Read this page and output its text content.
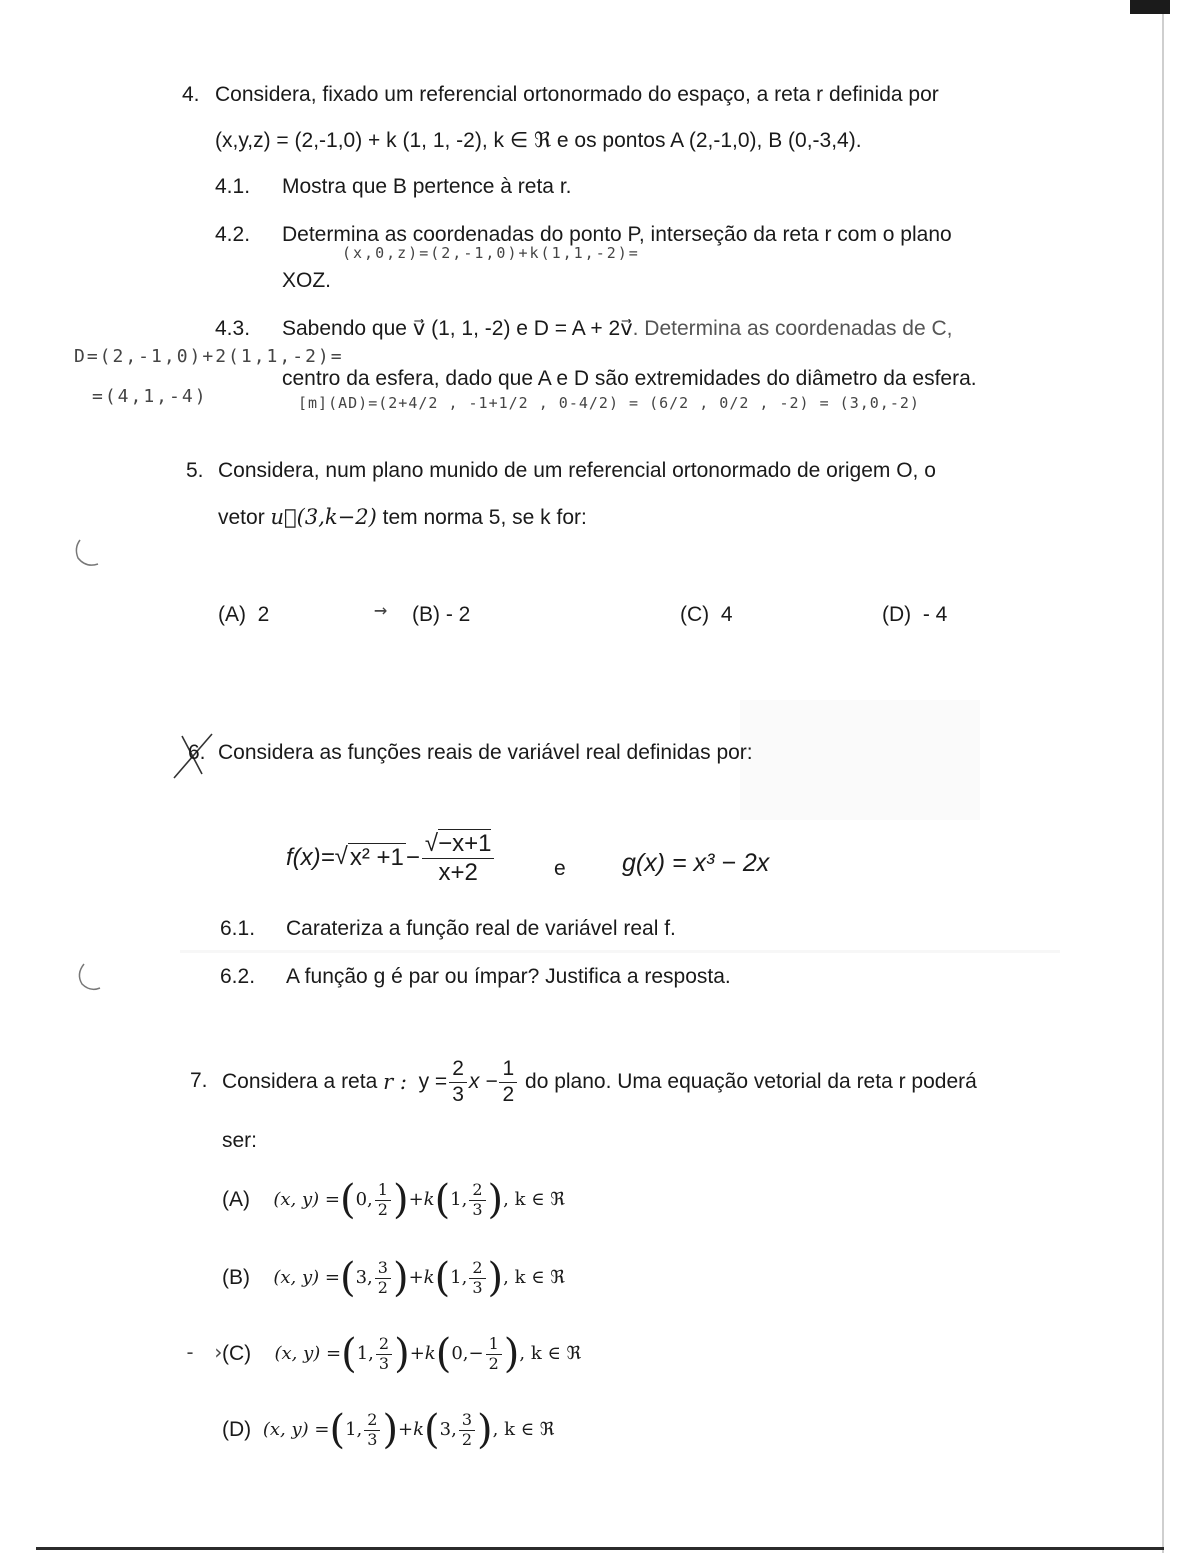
4. Considera, fixado um referencial ortonormado do espaço, a reta r definida por
(x,y,z) = (2,-1,0) + k (1, 1, -2), k ∈ ℜ e os pontos A (2,-1,0), B (0,-3,4).
4.1. Mostra que B pertence à reta r.
4.2. Determina as coordenadas do ponto P, interseção da reta r com o plano
(x,0,z)=(2,-1,0)+k(1,1,-2)=
XOZ.
4.3. Sabendo que v⃗ (1, 1, -2) e D = A + 2v⃗. Determina as coordenadas de C,
D=(2,-1,0)+2(1,1,-2)=
centro da esfera, dado que A e D são extremidades do diâmetro da esfera.
=(4,1,-4)	[m](AD)=(2+4/2 , -1+1/2 , 0-4/2) = (6/2 , 0/2 , -2) = (3,0,-2)
5. Considera, num plano munido de um referencial ortonormado de origem O, o
vetor u⃗(3,k−2) tem norma 5, se k for:
(A) 2	→ (B) - 2	(C) 4	(D) - 4
6. Considera as funções reais de variável real definidas por:
f(x)= √ $x^2 +1 - \frac{√-x+1}{x+2}$	e g(x) = x³ − 2x
6.1. Carateriza a função real de variável real f.
6.2. A função g é par ou ímpar? Justifica a resposta.
7. Considera a reta
r :
$y = \frac{2}{3}$ $x - \frac{1}{2}$
do plano. Uma equação vetorial da reta r poderá
ser:
(A)
(x, y) = ( 0, $\frac{1}{2}$ ) +k ( 1, $\frac{2}{3}$ ) , k ∈ ℜ
(B)
(x, y) = ( 3, $\frac{3}{2}$ ) +k ( 1, $\frac{2}{3}$ ) , k ∈ ℜ
- ›
(C)
(x, y) = ( 1, $\frac{2}{3}$ ) +k ( $0,- \frac{1}{2}$ ) , k ∈ ℜ
(D)
(x, y) = ( 1, $\frac{2}{3}$ ) +k ( 3, $\frac{3}{2}$ ) , k ∈ ℜ
